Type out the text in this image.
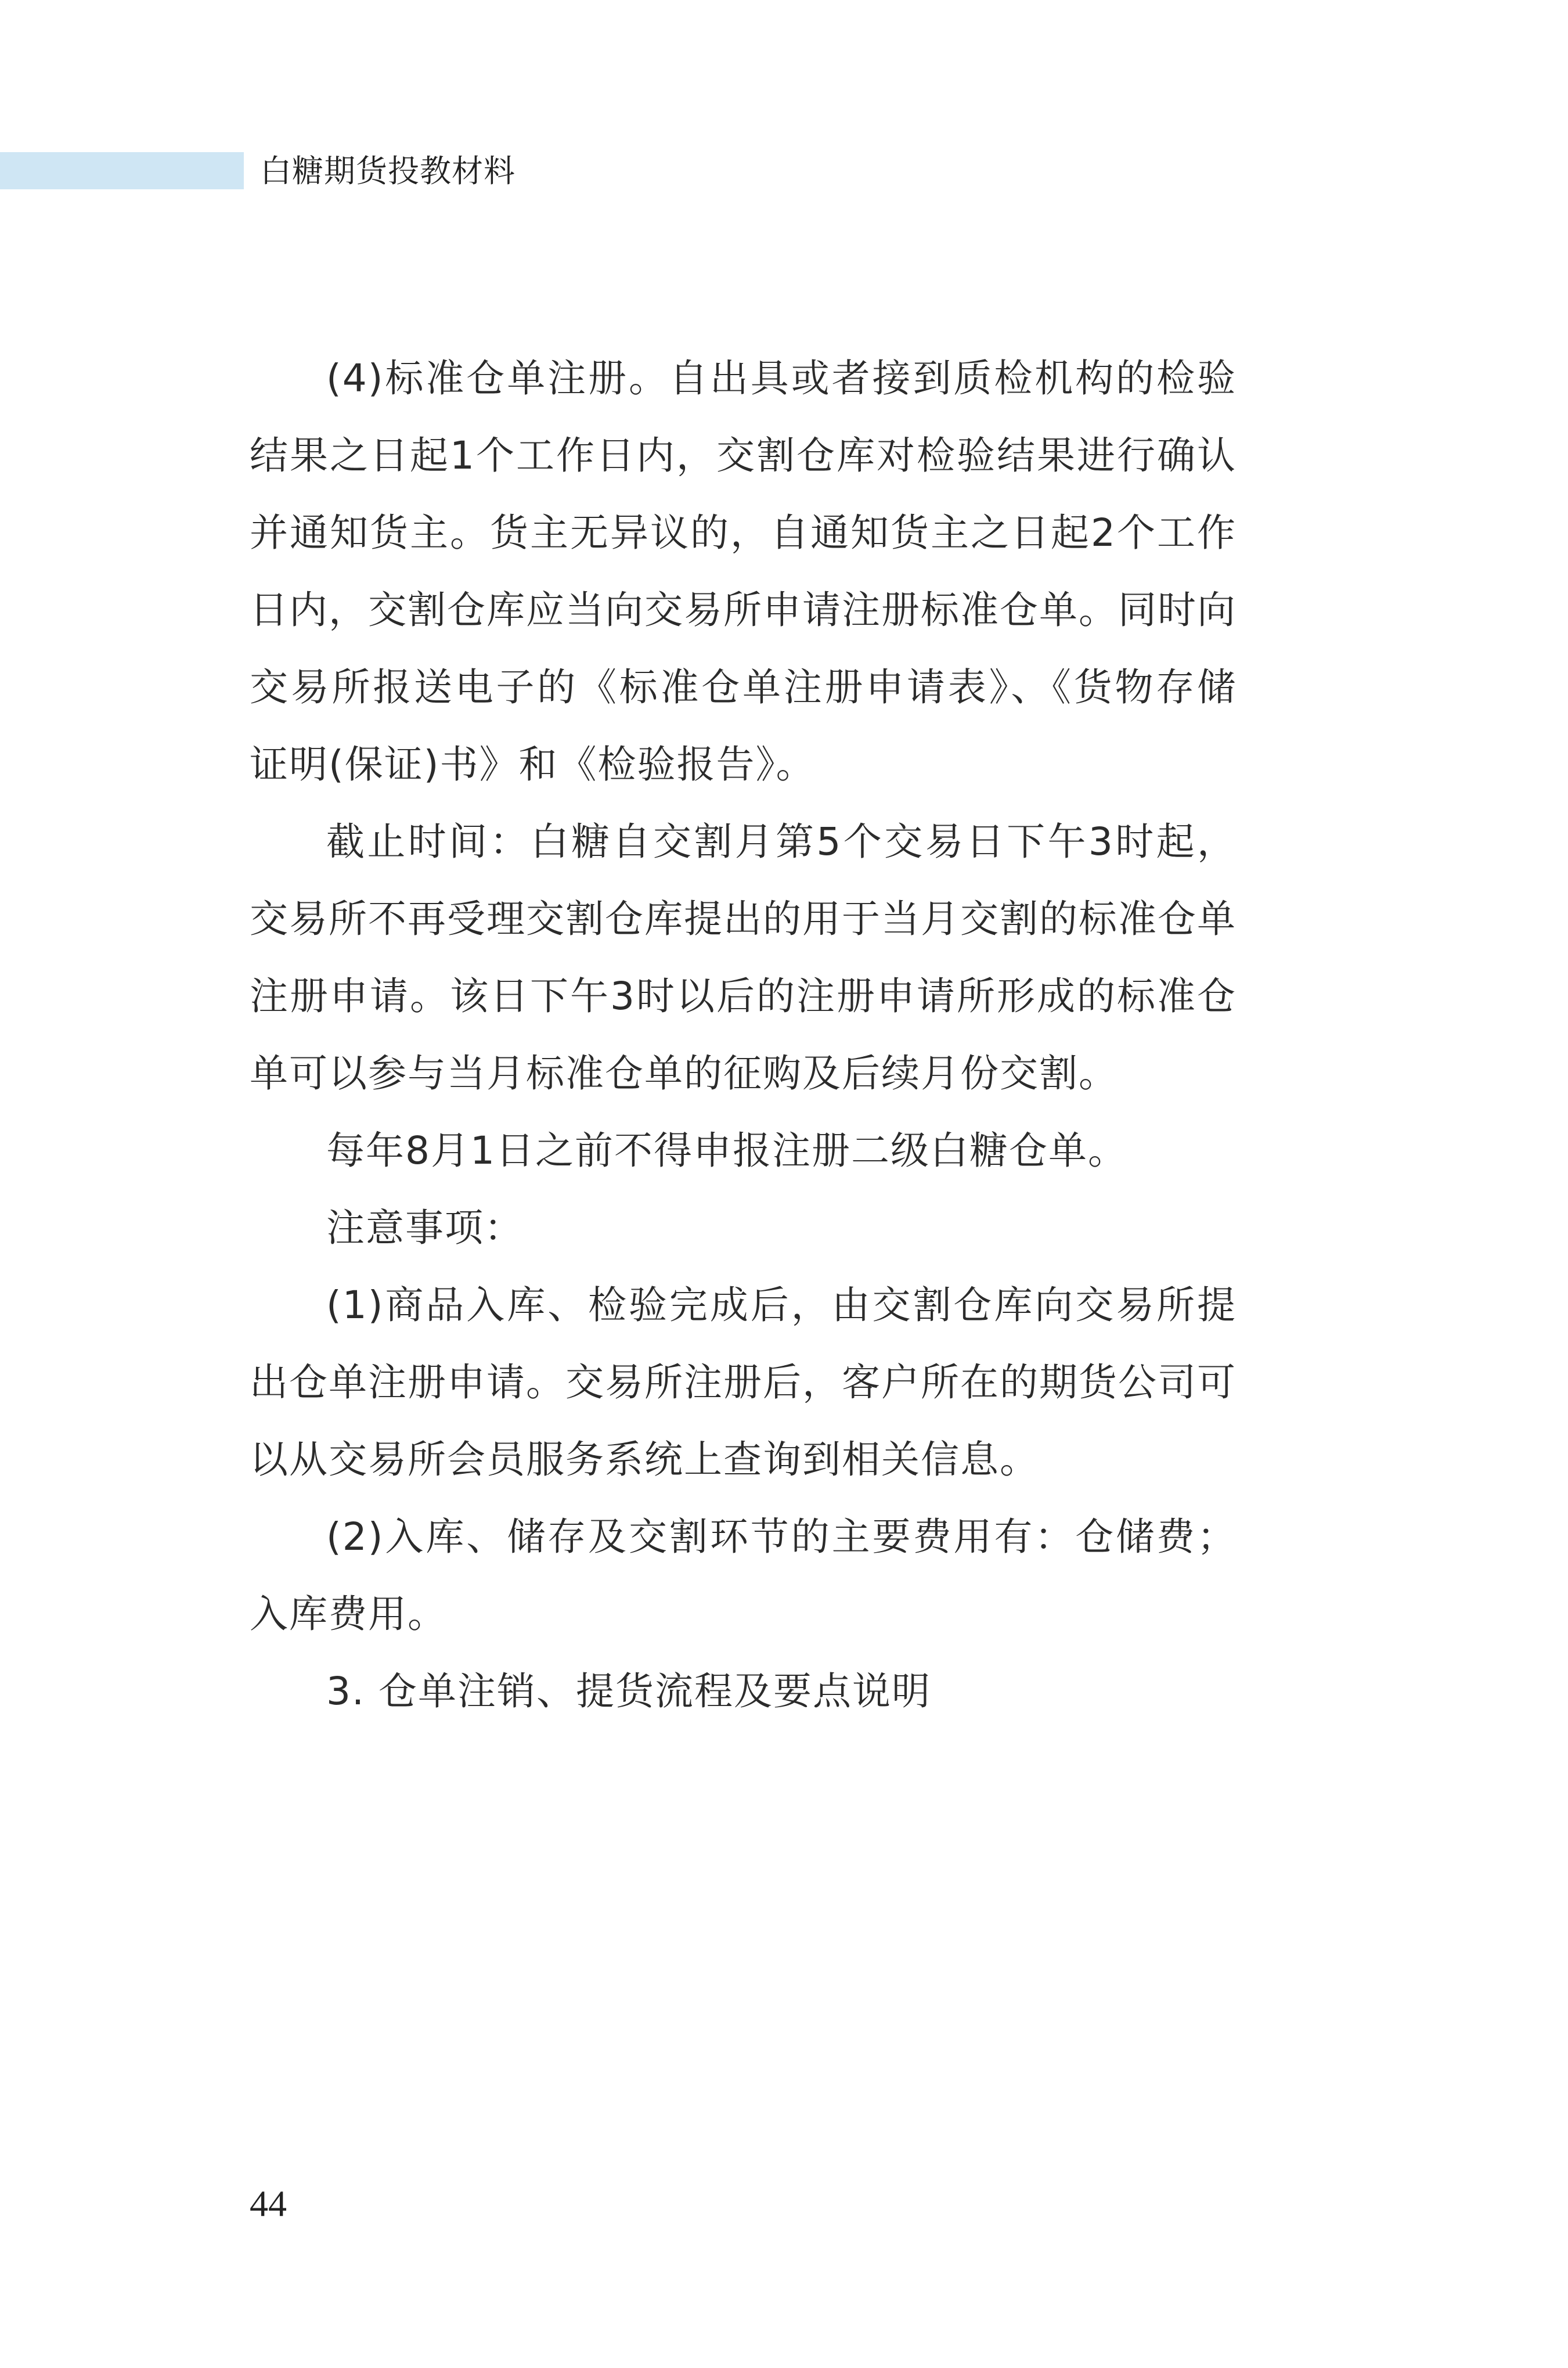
白糖期货投教材料

(4)标准仓单注册。自出具或者接到质检机构的检验结果之日起1个工作日内，交割仓库对检验结果进行确认并通知货主。货主无异议的，自通知货主之日起2个工作日内，交割仓库应当向交易所申请注册标准仓单。同时向交易所报送电子的《标准仓单注册申请表》、《货物存储证明(保证)书》和《检验报告》。

截止时间：白糖自交割月第5个交易日下午3时起，交易所不再受理交割仓库提出的用于当月交割的标准仓单注册申请。该日下午3时以后的注册申请所形成的标准仓单可以参与当月标准仓单的征购及后续月份交割。

每年8月1日之前不得申报注册二级白糖仓单。

注意事项：

(1)商品入库、检验完成后，由交割仓库向交易所提出仓单注册申请。交易所注册后，客户所在的期货公司可以从交易所会员服务系统上查询到相关信息。

(2)入库、储存及交割环节的主要费用有：仓储费；入库费用。

3. 仓单注销、提货流程及要点说明

44
